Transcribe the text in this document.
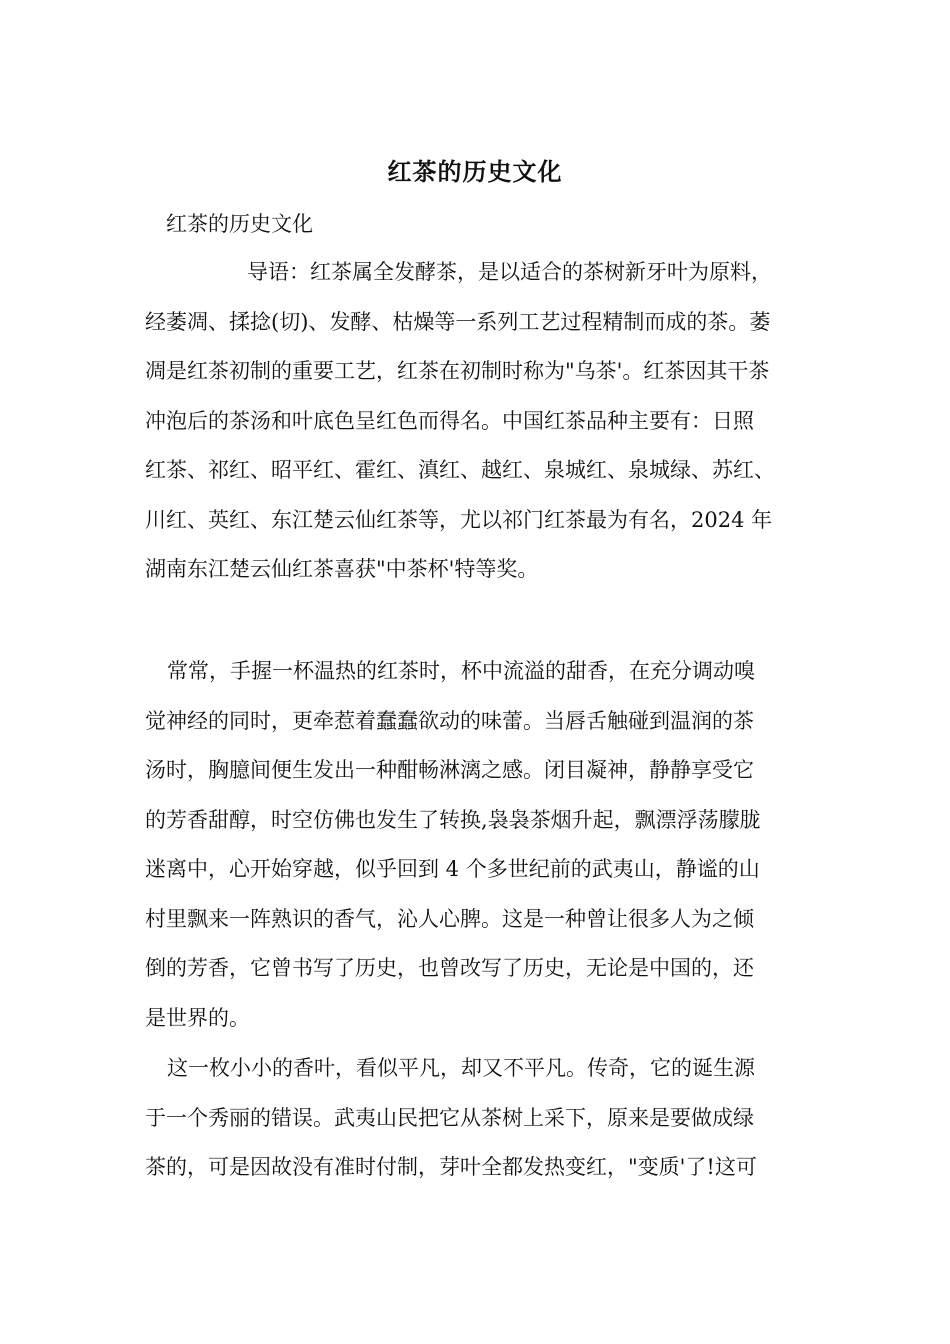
红茶的历史文化
红茶的历史文化
导语：红茶属全发酵茶，是以适合的茶树新牙叶为原料，
经萎凋、揉捻(切)、发酵、枯燥等一系列工艺过程精制而成的茶。萎
凋是红茶初制的重要工艺，红茶在初制时称为"乌茶'。红茶因其干茶
冲泡后的茶汤和叶底色呈红色而得名。中国红茶品种主要有：日照
红茶、祁红、昭平红、霍红、滇红、越红、泉城红、泉城绿、苏红、
川红、英红、东江楚云仙红茶等，尤以祁门红茶最为有名，2024 年
湖南东江楚云仙红茶喜获"中茶杯'特等奖。
常常，手握一杯温热的红茶时，杯中流溢的甜香，在充分调动嗅
觉神经的同时，更牵惹着蠢蠢欲动的味蕾。当唇舌触碰到温润的茶
汤时，胸臆间便生发出一种酣畅淋漓之感。闭目凝神，静静享受它
的芳香甜醇，时空仿佛也发生了转换,袅袅茶烟升起，飘漂浮荡朦胧
迷离中，心开始穿越，似乎回到 4 个多世纪前的武夷山，静谧的山
村里飘来一阵熟识的香气，沁人心脾。这是一种曾让很多人为之倾
倒的芳香，它曾书写了历史，也曾改写了历史，无论是中国的，还
是世界的。
这一枚小小的香叶，看似平凡，却又不平凡。传奇，它的诞生源
于一个秀丽的错误。武夷山民把它从茶树上采下，原来是要做成绿
茶的，可是因故没有准时付制，芽叶全都发热变红，"变质'了!这可
